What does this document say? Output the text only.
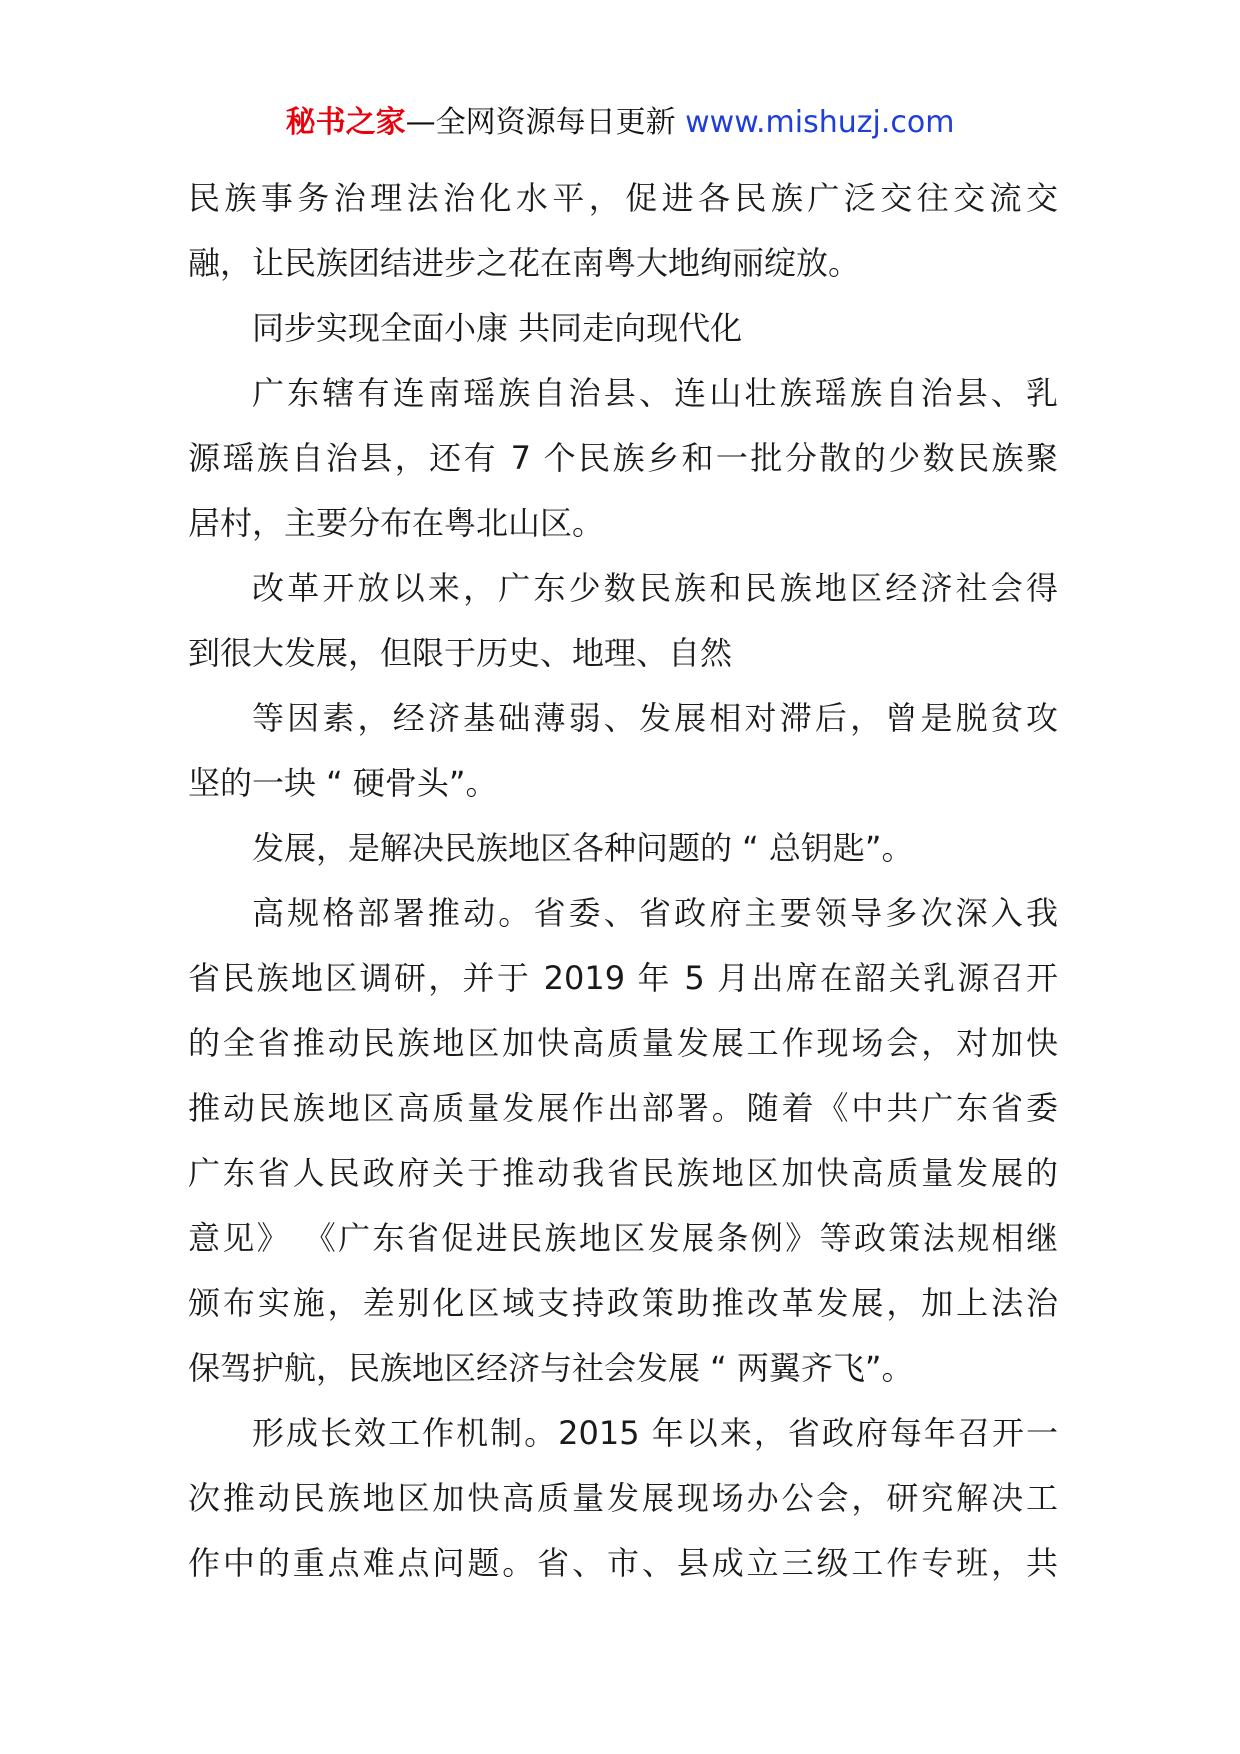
秘书之家—全网资源每日更新 www.mishuzj.com
民族事务治理法治化水平，促进各民族广泛交往交流交
融，让民族团结进步之花在南粤大地绚丽绽放。
同步实现全面小康 共同走向现代化
广东辖有连南瑶族自治县、连山壮族瑶族自治县、乳
源瑶族自治县，还有 7 个民族乡和一批分散的少数民族聚
居村，主要分布在粤北山区。
改革开放以来，广东少数民族和民族地区经济社会得
到很大发展，但限于历史、地理、自然
等因素，经济基础薄弱、发展相对滞后，曾是脱贫攻
坚的一块 “ 硬骨头”。
发展，是解决民族地区各种问题的 “ 总钥匙”。
高规格部署推动。省委、省政府主要领导多次深入我
省民族地区调研，并于 2019 年 5 月出席在韶关乳源召开
的全省推动民族地区加快高质量发展工作现场会，对加快
推动民族地区高质量发展作出部署。随着《中共广东省委
广东省人民政府关于推动我省民族地区加快高质量发展的
意见》 《广东省促进民族地区发展条例》等政策法规相继
颁布实施，差别化区域支持政策助推改革发展，加上法治
保驾护航，民族地区经济与社会发展 “ 两翼齐飞”。
形成长效工作机制。2015 年以来，省政府每年召开一
次推动民族地区加快高质量发展现场办公会，研究解决工
作中的重点难点问题。省、市、县成立三级工作专班，共
